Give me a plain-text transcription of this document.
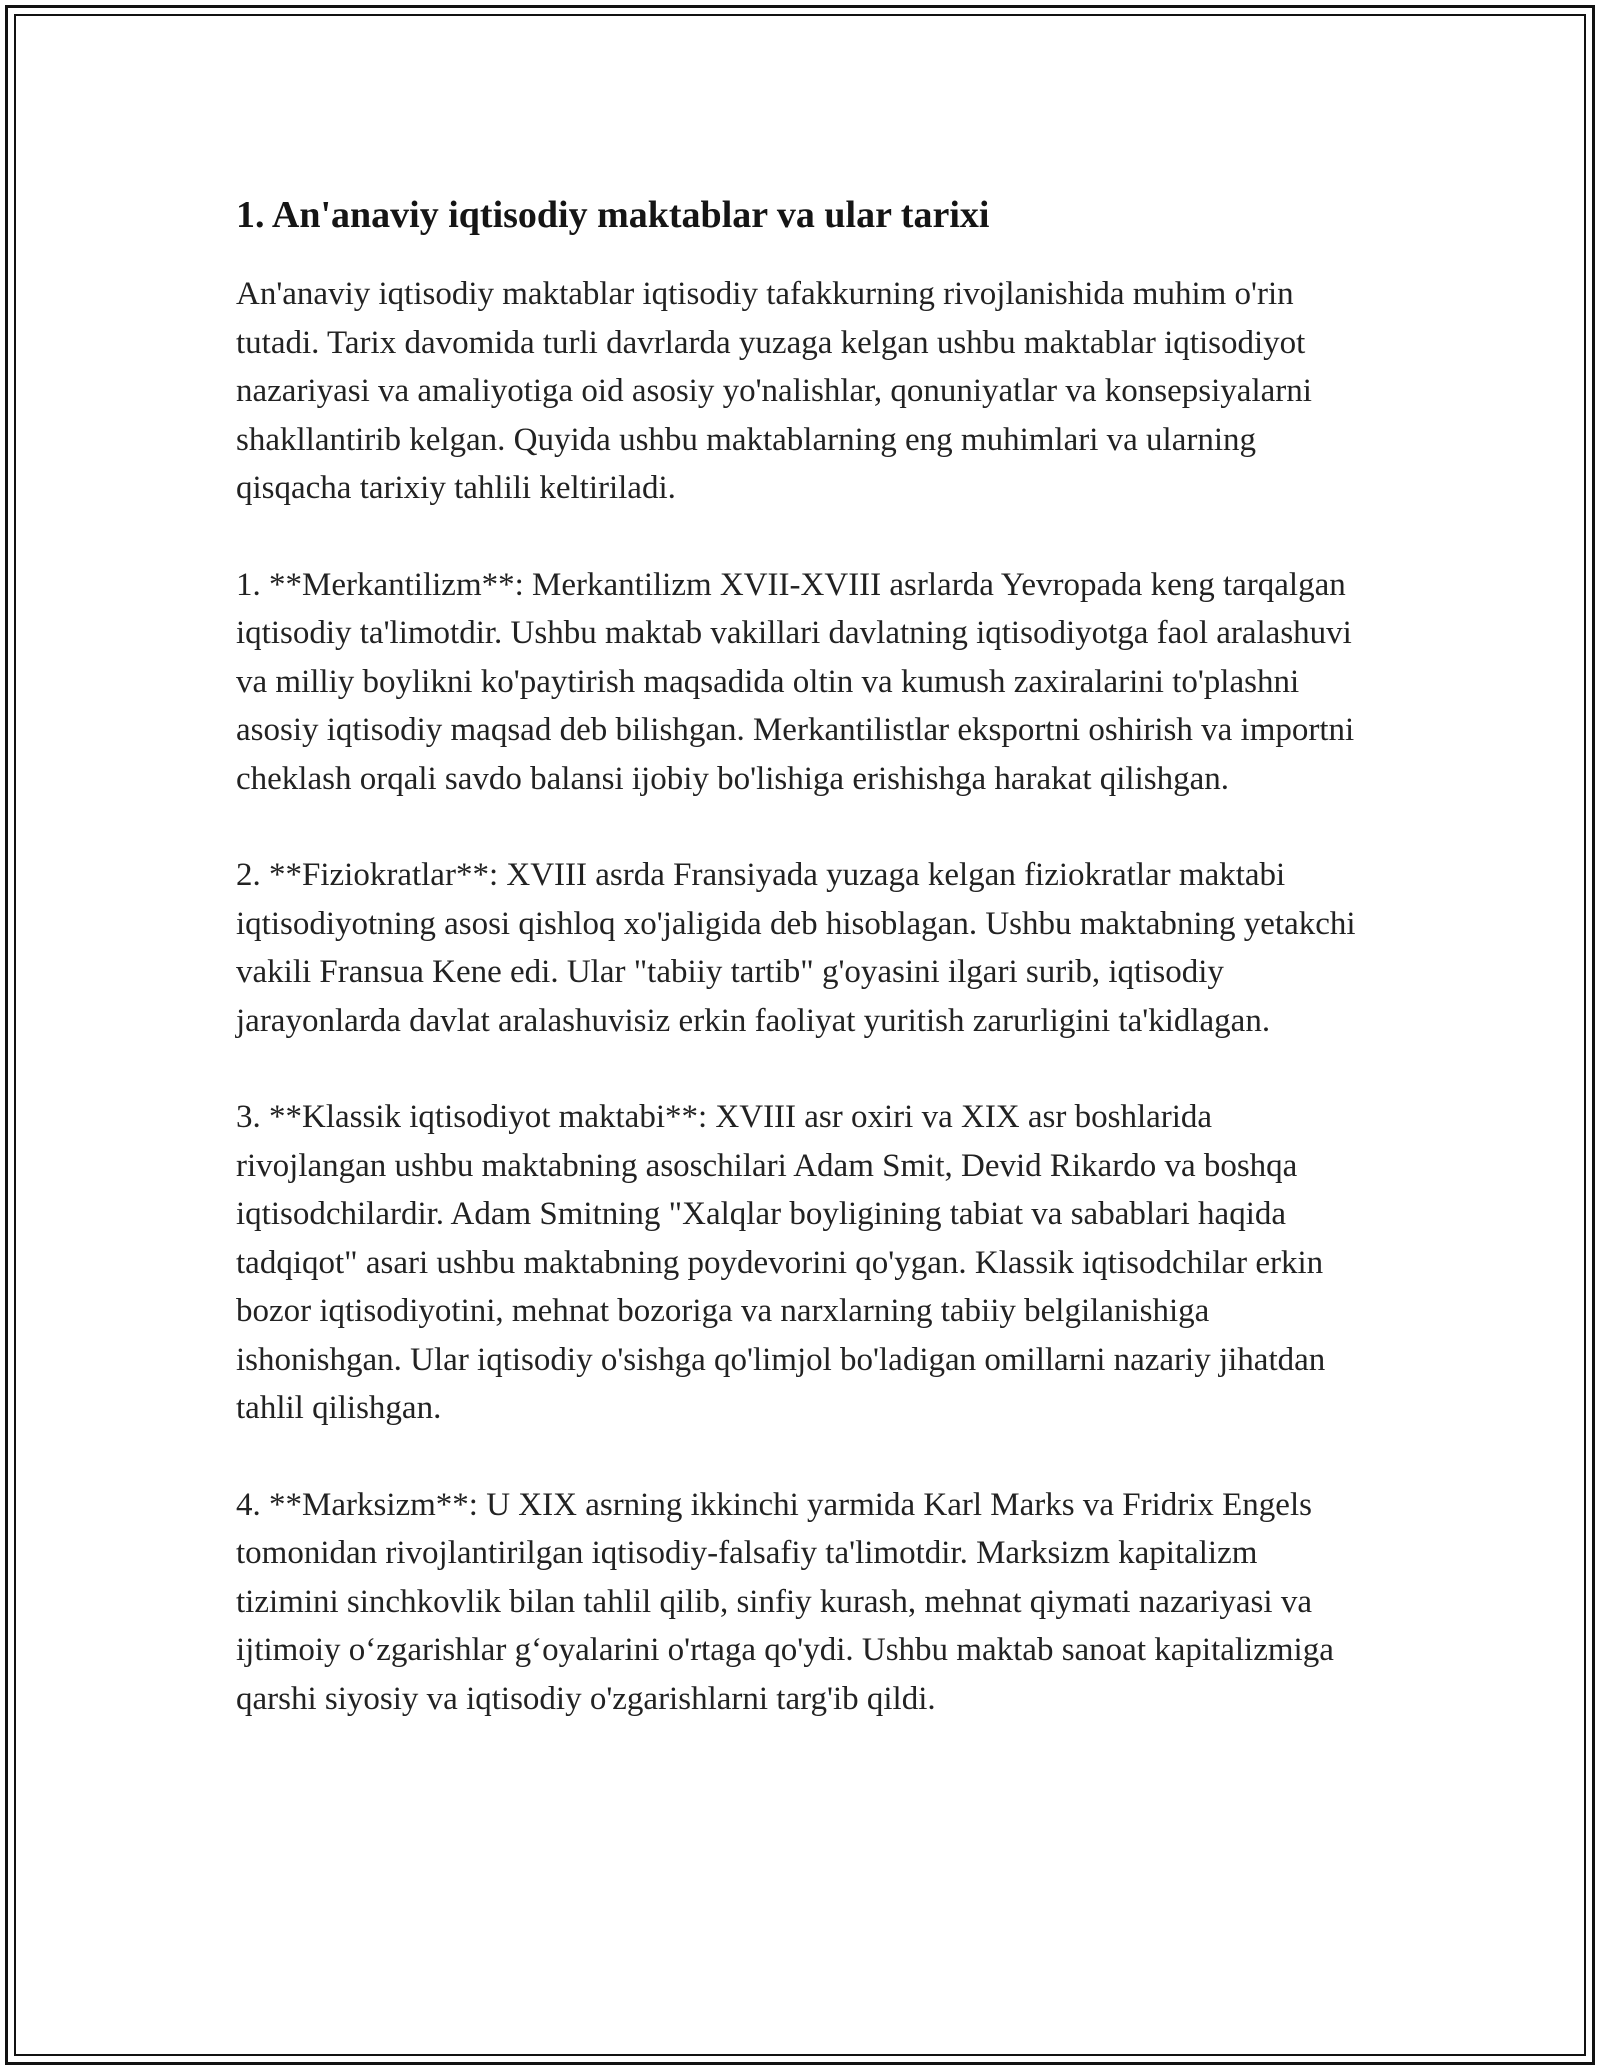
1. An'anaviy iqtisodiy maktablar va ular tarixi

An'anaviy iqtisodiy maktablar iqtisodiy tafakkurning rivojlanishida muhim o'rin tutadi. Tarix davomida turli davrlarda yuzaga kelgan ushbu maktablar iqtisodiyot nazariyasi va amaliyotiga oid asosiy yo'nalishlar, qonuniyatlar va konsepsiyalarni shakllantirib kelgan. Quyida ushbu maktablarning eng muhimlari va ularning qisqacha tarixiy tahlili keltiriladi.

1. **Merkantilizm**: Merkantilizm XVII-XVIII asrlarda Yevropada keng tarqalgan iqtisodiy ta'limotdir. Ushbu maktab vakillari davlatning iqtisodiyotga faol aralashuvi va milliy boylikni ko'paytirish maqsadida oltin va kumush zaxiralarini to'plashni asosiy iqtisodiy maqsad deb bilishgan. Merkantilistlar eksportni oshirish va importni cheklash orqali savdo balansi ijobiy bo'lishiga erishishga harakat qilishgan.

2. **Fiziokratlar**: XVIII asrda Fransiyada yuzaga kelgan fiziokratlar maktabi iqtisodiyotning asosi qishloq xo'jaligida deb hisoblagan. Ushbu maktabning yetakchi vakili Fransua Kene edi. Ular "tabiiy tartib" g'oyasini ilgari surib, iqtisodiy jarayonlarda davlat aralashuvisiz erkin faoliyat yuritish zarurligini ta'kidlagan.

3. **Klassik iqtisodiyot maktabi**: XVIII asr oxiri va XIX asr boshlarida rivojlangan ushbu maktabning asoschilari Adam Smit, Devid Rikardo va boshqa iqtisodchilardir. Adam Smitning "Xalqlar boyligining tabiat va sabablari haqida tadqiqot" asari ushbu maktabning poydevorini qo'ygan. Klassik iqtisodchilar erkin bozor iqtisodiyotini, mehnat bozoriga va narxlarning tabiiy belgilanishiga ishonishgan. Ular iqtisodiy o'sishga qo'limjol bo'ladigan omillarni nazariy jihatdan tahlil qilishgan.

4. **Marksizm**: U XIX asrning ikkinchi yarmida Karl Marks va Fridrix Engels tomonidan rivojlantirilgan iqtisodiy-falsafiy ta'limotdir. Marksizm kapitalizm tizimini sinchkovlik bilan tahlil qilib, sinfiy kurash, mehnat qiymati nazariyasi va ijtimoiy o‘zgarishlar g‘oyalarini o'rtaga qo'ydi. Ushbu maktab sanoat kapitalizmiga qarshi siyosiy va iqtisodiy o'zgarishlarni targ'ib qildi.
